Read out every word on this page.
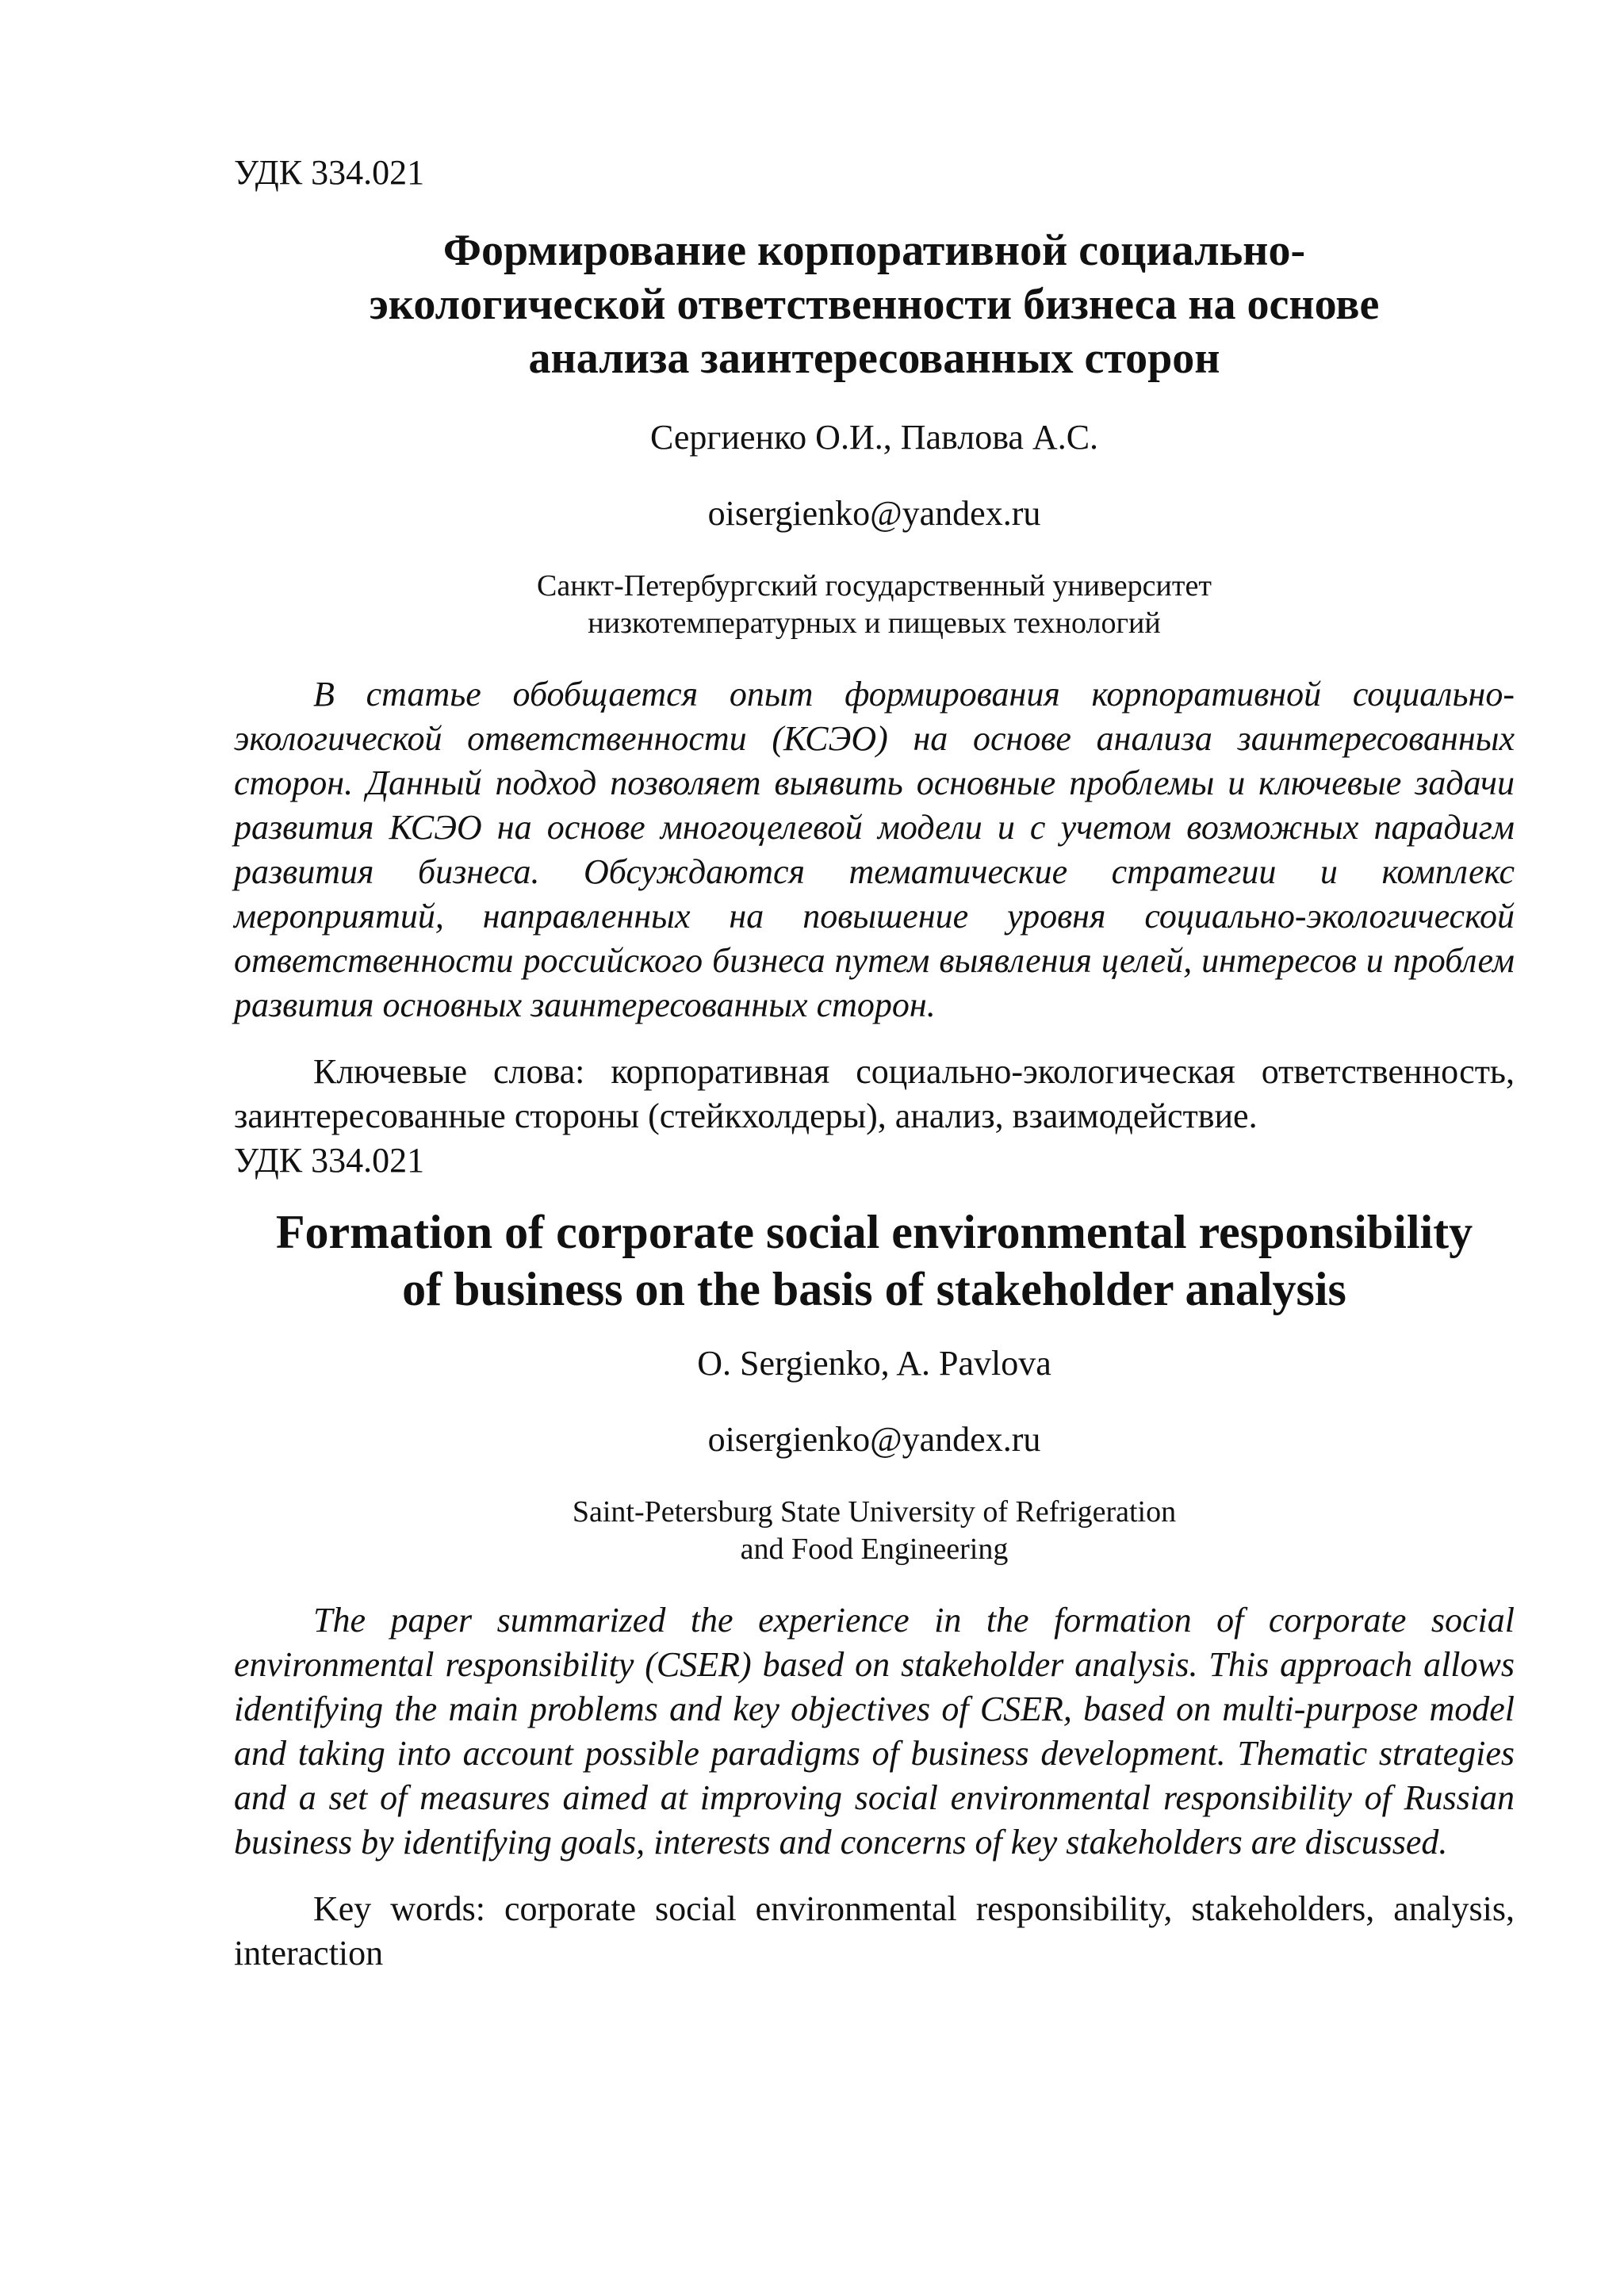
УДК 334.021

Формирование корпоративной социально-экологической ответственности бизнеса на основе анализа заинтересованных сторон

Сергиенко О.И., Павлова А.С.

oisergienko@yandex.ru

Санкт-Петербургский государственный университет
низкотемпературных и пищевых технологий

В статье обобщается опыт формирования корпоративной социально-экологической ответственности (КСЭО) на основе анализа заинтересованных сторон. Данный подход позволяет выявить основные проблемы и ключевые задачи развития КСЭО на основе многоцелевой модели и с учетом возможных парадигм развития бизнеса. Обсуждаются тематические стратегии и комплекс мероприятий, направленных на повышение уровня социально-экологической ответственности российского бизнеса путем выявления целей, интересов и проблем развития основных заинтересованных сторон.

Ключевые слова: корпоративная социально-экологическая ответственность, заинтересованные стороны (стейкхолдеры), анализ, взаимодействие.

УДК 334.021

Formation of corporate social environmental responsibility
of business on the basis of stakeholder analysis

O. Sergienko, A. Pavlova

oisergienko@yandex.ru

Saint-Petersburg State University of Refrigeration
and Food Engineering

The paper summarized the experience in the formation of corporate social environmental responsibility (CSER) based on stakeholder analysis. This approach allows identifying the main problems and key objectives of CSER, based on multi-purpose model and taking into account possible paradigms of business development. Thematic strategies and a set of measures aimed at improving social environmental responsibility of Russian business by identifying goals, interests and concerns of key stakeholders are discussed.

Key words: corporate social environmental responsibility, stakeholders, analysis, interaction
